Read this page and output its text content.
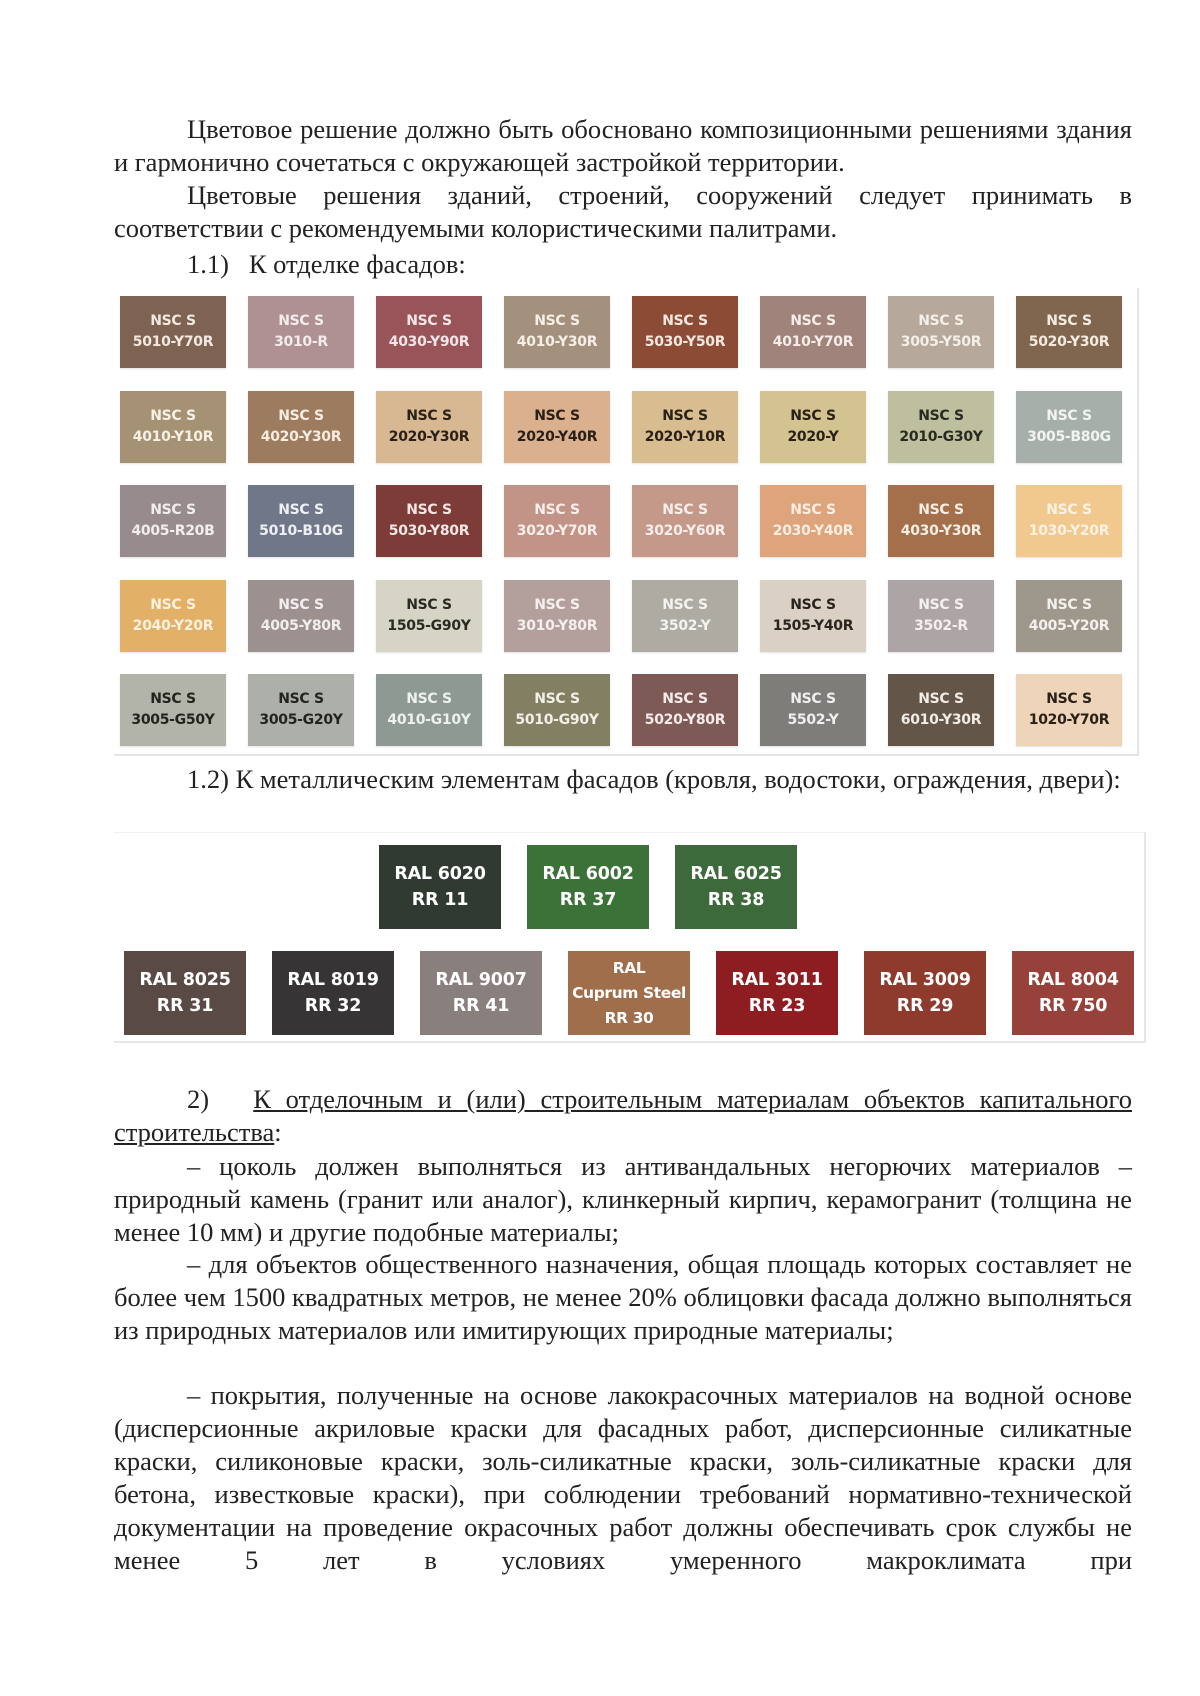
Цветовое решение должно быть обосновано композиционными решениями здания и гармонично сочетаться с окружающей застройкой территории.

Цветовые решения зданий, строений, сооружений следует принимать в соответствии с рекомендуемыми колористическими палитрами.

1.1) К отделке фасадов:

NSC S
5010-Y70R
NSC S
3010-R
NSC S
4030-Y90R
NSC S
4010-Y30R
NSC S
5030-Y50R
NSC S
4010-Y70R
NSC S
3005-Y50R
NSC S
5020-Y30R
NSC S
4010-Y10R
NSC S
4020-Y30R
NSC S
2020-Y30R
NSC S
2020-Y40R
NSC S
2020-Y10R
NSC S
2020-Y
NSC S
2010-G30Y
NSC S
3005-B80G
NSC S
4005-R20B
NSC S
5010-B10G
NSC S
5030-Y80R
NSC S
3020-Y70R
NSC S
3020-Y60R
NSC S
2030-Y40R
NSC S
4030-Y30R
NSC S
1030-Y20R
NSC S
2040-Y20R
NSC S
4005-Y80R
NSC S
1505-G90Y
NSC S
3010-Y80R
NSC S
3502-Y
NSC S
1505-Y40R
NSC S
3502-R
NSC S
4005-Y20R
NSC S
3005-G50Y
NSC S
3005-G20Y
NSC S
4010-G10Y
NSC S
5010-G90Y
NSC S
5020-Y80R
NSC S
5502-Y
NSC S
6010-Y30R
NSC S
1020-Y70R

1.2) К металлическим элементам фасадов (кровля, водостоки, ограждения, двери):

RAL 6020
RR 11
RAL 6002
RR 37
RAL 6025
RR 38
RAL 8025
RR 31
RAL 8019
RR 32
RAL 9007
RR 41
RAL
Cuprum Steel
RR 30
RAL 3011
RR 23
RAL 3009
RR 29
RAL 8004
RR 750

2) К отделочным и (или) строительным материалам объектов капитального строительства:

– цоколь должен выполняться из антивандальных негорючих материалов – природный камень (гранит или аналог), клинкерный кирпич, керамогранит (толщина не менее 10 мм) и другие подобные материалы;

– для объектов общественного назначения, общая площадь которых составляет не более чем 1500 квадратных метров, не менее 20% облицовки фасада должно выполняться из природных материалов или имитирующих природные материалы;

– покрытия, полученные на основе лакокрасочных материалов на водной основе (дисперсионные акриловые краски для фасадных работ, дисперсионные силикатные краски, силиконовые краски, золь-силикатные краски, золь-силикатные краски для бетона, известковые краски), при соблюдении требований нормативно-технической документации на проведение окрасочных работ должны обеспечивать срок службы не менее 5 лет в условиях умеренного макроклимата при
